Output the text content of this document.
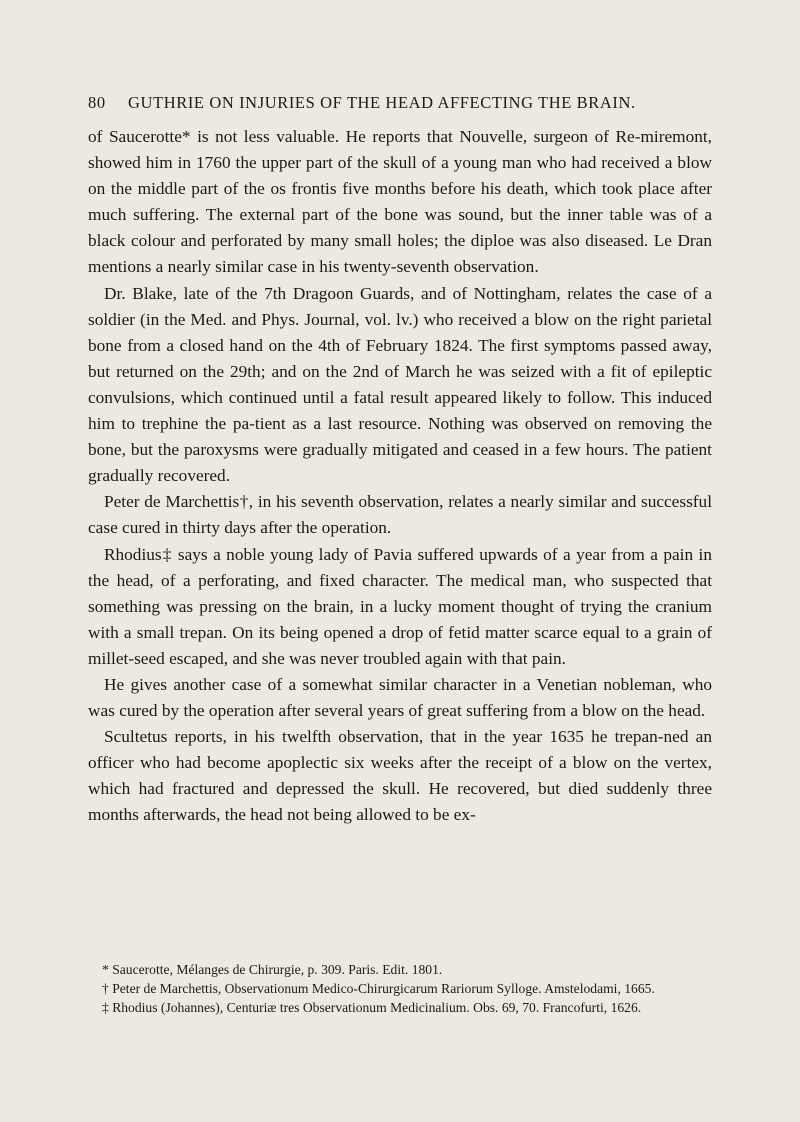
80 GUTHRIE ON INJURIES OF THE HEAD AFFECTING THE BRAIN.

of Saucerotte* is not less valuable. He reports that Nouvelle, surgeon of Re-miremont, showed him in 1760 the upper part of the skull of a young man who had received a blow on the middle part of the os frontis five months before his death, which took place after much suffering. The external part of the bone was sound, but the inner table was of a black colour and perforated by many small holes; the diploe was also diseased. Le Dran mentions a nearly similar case in his twenty-seventh observation.

Dr. Blake, late of the 7th Dragoon Guards, and of Nottingham, relates the case of a soldier (in the Med. and Phys. Journal, vol. lv.) who received a blow on the right parietal bone from a closed hand on the 4th of February 1824. The first symptoms passed away, but returned on the 29th; and on the 2nd of March he was seized with a fit of epileptic convulsions, which continued until a fatal result appeared likely to follow. This induced him to trephine the pa-tient as a last resource. Nothing was observed on removing the bone, but the paroxysms were gradually mitigated and ceased in a few hours. The patient gradually recovered.

Peter de Marchettis†, in his seventh observation, relates a nearly similar and successful case cured in thirty days after the operation.

Rhodius‡ says a noble young lady of Pavia suffered upwards of a year from a pain in the head, of a perforating, and fixed character. The medical man, who suspected that something was pressing on the brain, in a lucky moment thought of trying the cranium with a small trepan. On its being opened a drop of fetid matter scarce equal to a grain of millet-seed escaped, and she was never troubled again with that pain.

He gives another case of a somewhat similar character in a Venetian nobleman, who was cured by the operation after several years of great suffering from a blow on the head.

Scultetus reports, in his twelfth observation, that in the year 1635 he trepan-ned an officer who had become apoplectic six weeks after the receipt of a blow on the vertex, which had fractured and depressed the skull. He recovered, but died suddenly three months afterwards, the head not being allowed to be ex-

* Saucerotte, Mélanges de Chirurgie, p. 309. Paris. Edit. 1801.

† Peter de Marchettis, Observationum Medico-Chirurgicarum Rariorum Sylloge. Amstelodami, 1665.

‡ Rhodius (Johannes), Centuriæ tres Observationum Medicinalium. Obs. 69, 70. Francofurti, 1626.
